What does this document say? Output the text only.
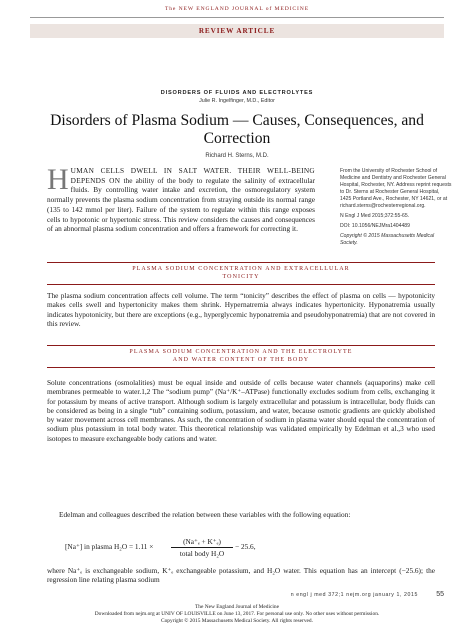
The NEW ENGLAND JOURNAL of MEDICINE
REVIEW ARTICLE
DISORDERS OF FLUIDS AND ELECTROLYTES
Julie R. Ingelfinger, M.D., Editor
Disorders of Plasma Sodium — Causes, Consequences, and Correction
Richard H. Sterns, M.D.
H UMAN CELLS DWELL IN SALT WATER. THEIR WELL-BEING DEPENDS ON the ability of the body to regulate the salinity of extracellular fluids. By controlling water intake and excretion, the osmoregulatory system normally prevents the plasma sodium concentration from straying outside its normal range (135 to 142 mmol per liter). Failure of the system to regulate within this range exposes cells to hypotonic or hypertonic stress. This review considers the causes and consequences of an abnormal plasma sodium concentration and offers a framework for correcting it.

From the University of Rochester School of Medicine and Dentistry and Rochester General Hospital, Rochester, NY. Address reprint requests to Dr. Sterns at Rochester General Hospital, 1425 Portland Ave., Rochester, NY 14621, or at richard.sterns@rochesterregional.org.

N Engl J Med 2015;372:55-65.

DOI: 10.1056/NEJMra1404489

Copyright © 2015 Massachusetts Medical Society.

PLASMA SODIUM CONCENTRATION AND EXTRACELLULAR
TONICITY

The plasma sodium concentration affects cell volume. The term “tonicity” describes the effect of plasma on cells — hypotonicity makes cells swell and hypertonicity makes them shrink. Hypernatremia always indicates hypertonicity. Hyponatremia usually indicates hypotonicity, but there are exceptions (e.g., hyperglycemic hyponatremia and pseudohyponatremia) that are not covered in this review.

PLASMA SODIUM CONCENTRATION AND THE ELECTROLYTE
AND WATER CONTENT OF THE BODY

Solute concentrations (osmolalities) must be equal inside and outside of cells because water channels (aquaporins) make cell membranes permeable to water.1,2 The “sodium pump” (Na⁺/K⁺–ATPase) functionally excludes sodium from cells, exchanging it for potassium by means of active transport. Although sodium is largely extracellular and potassium is intracellular, body fluids can be considered as being in a single “tub” containing sodium, potassium, and water, because osmotic gradients are quickly abolished by water movement across cell membranes. As such, the concentration of sodium in plasma water should equal the concentration of sodium plus potassium in total body water. This theoretical relationship was validated empirically by Edelman et al.,3 who used isotopes to measure exchangeable body cations and water.

Edelman and colleagues described the relation between these variables with the following equation:

[Na⁺] in plasma H₂O = 1.11 ×
(Na⁺ₑ + K⁺ₑ)
total body H₂O
− 25.6,

where Na⁺ₑ is exchangeable sodium, K⁺ₑ exchangeable potassium, and H₂O water. This equation has an intercept (−25.6); the regression line relating plasma sodium

n engl j med 372;1 nejm.org january 1, 2015	55
The New England Journal of Medicine
Downloaded from nejm.org at UNIV OF LOUISVILLE on June 13, 2017. For personal use only. No other uses without permission.
Copyright © 2015 Massachusetts Medical Society. All rights reserved.
